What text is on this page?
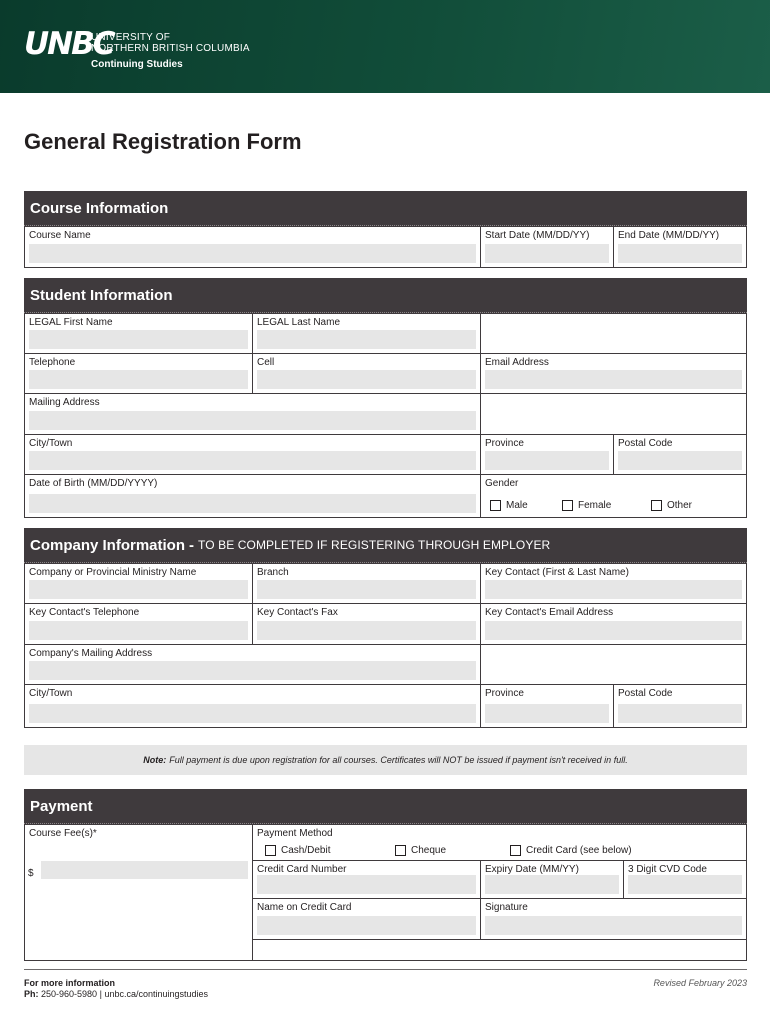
UNBC
UNIVERSITY OF
NORTHERN BRITISH COLUMBIA
Continuing Studies
General Registration Form
Course Information
Course Name	Start Date (MM/DD/YY)	End Date (MM/DD/YY)
Student Information
LEGAL First Name	LEGAL Last Name
Telephone	Cell	Email Address
Mailing Address
City/Town	Province	Postal Code
Date of Birth (MM/DD/YYYY)	Gender
Male	Female	Other
Company Information - TO BE COMPLETED IF REGISTERING THROUGH EMPLOYER
Company or Provincial Ministry Name	Branch	Key Contact (First & Last Name)
Key Contact's Telephone	Key Contact's Fax	Key Contact's Email Address
Company's Mailing Address
City/Town	Province	Postal Code
Note: Full payment is due upon registration for all courses. Certificates will NOT be issued if payment isn't received in full.
Payment
Course Fee(s)*
$
Payment Method
Cash/Debit	Cheque	Credit Card (see below)
Credit Card Number	Expiry Date (MM/YY)	3 Digit CVD Code
Name on Credit Card	Signature
For more information
Ph: 250-960-5980 | unbc.ca/continuingstudies
Revised February 2023
